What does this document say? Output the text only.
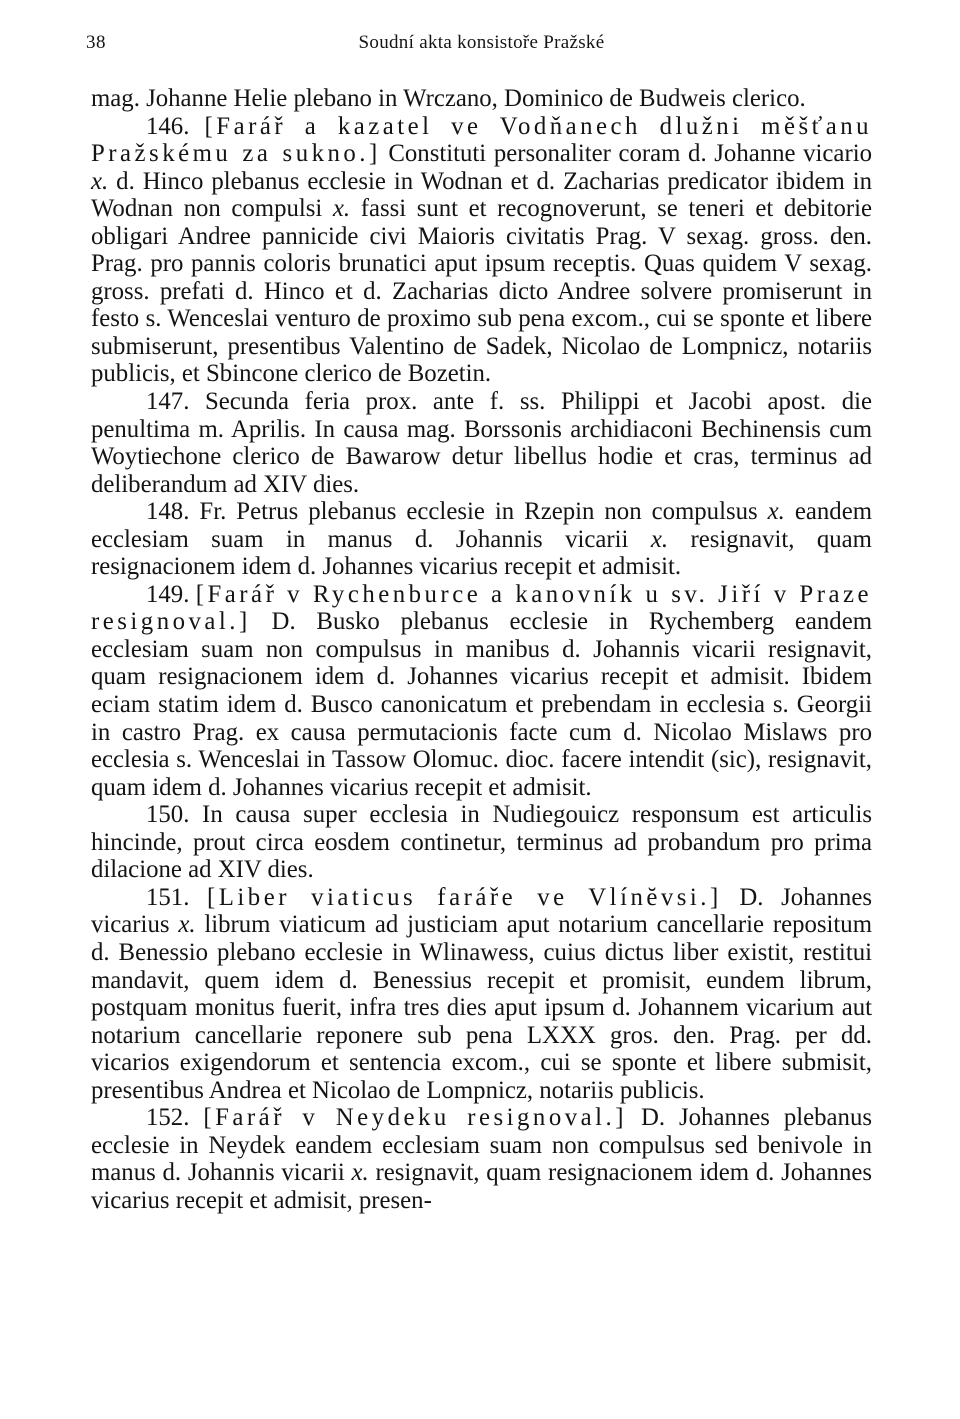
38	Soudní akta konsistoře Pražské

mag. Johanne Helie plebano in Wrczano, Dominico de Budweis clerico.

146. [Farář a kazatel ve Vodňanech dlužni měšťanu Pražskému za sukno.] Constituti personaliter coram d. Johanne vicario x. d. Hinco plebanus ecclesie in Wodnan et d. Zacharias predicator ibidem in Wodnan non compulsi x. fassi sunt et recognoverunt, se teneri et debitorie obligari Andree pannicide civi Maioris civitatis Prag. V sexag. gross. den. Prag. pro pannis coloris brunatici aput ipsum receptis. Quas quidem V sexag. gross. prefati d. Hinco et d. Zacharias dicto Andree solvere promiserunt in festo s. Wenceslai venturo de proximo sub pena excom., cui se sponte et libere submiserunt, presentibus Valentino de Sadek, Nicolao de Lompnicz, notariis publicis, et Sbincone clerico de Bozetin.

147. Secunda feria prox. ante f. ss. Philippi et Jacobi apost. die penultima m. Aprilis. In causa mag. Borssonis archidiaconi Bechinensis cum Woytiechone clerico de Bawarow detur libellus hodie et cras, terminus ad deliberandum ad XIV dies.

148. Fr. Petrus plebanus ecclesie in Rzepin non compulsus x. eandem ecclesiam suam in manus d. Johannis vicarii x. resignavit, quam resignacionem idem d. Johannes vicarius recepit et admisit.

149. [Farář v Rychenburce a kanovník u sv. Jiří v Praze resignoval.] D. Busko plebanus ecclesie in Rychemberg eandem ecclesiam suam non compulsus in manibus d. Johannis vicarii resignavit, quam resignacionem idem d. Johannes vicarius recepit et admisit. Ibidem eciam statim idem d. Busco canonicatum et prebendam in ecclesia s. Georgii in castro Prag. ex causa permutacionis facte cum d. Nicolao Mislaws pro ecclesia s. Wenceslai in Tassow Olomuc. dioc. facere intendit (sic), resignavit, quam idem d. Johannes vicarius recepit et admisit.

150. In causa super ecclesia in Nudiegouicz responsum est articulis hincinde, prout circa eosdem continetur, terminus ad probandum pro prima dilacione ad XIV dies.

151. [Liber viaticus faráře ve Vlínĕvsi.] D. Johannes vicarius x. librum viaticum ad justiciam aput notarium cancellarie repositum d. Benessio plebano ecclesie in Wlinawess, cuius dictus liber existit, restitui mandavit, quem idem d. Benessius recepit et promisit, eundem librum, postquam monitus fuerit, infra tres dies aput ipsum d. Johannem vicarium aut notarium cancellarie reponere sub pena LXXX gros. den. Prag. per dd. vicarios exigendorum et sentencia excom., cui se sponte et libere submisit, presentibus Andrea et Nicolao de Lompnicz, notariis publicis.

152. [Farář v Neydeku resignoval.] D. Johannes plebanus ecclesie in Neydek eandem ecclesiam suam non compulsus sed benivole in manus d. Johannis vicarii x. resignavit, quam resignacionem idem d. Johannes vicarius recepit et admisit, presen-
